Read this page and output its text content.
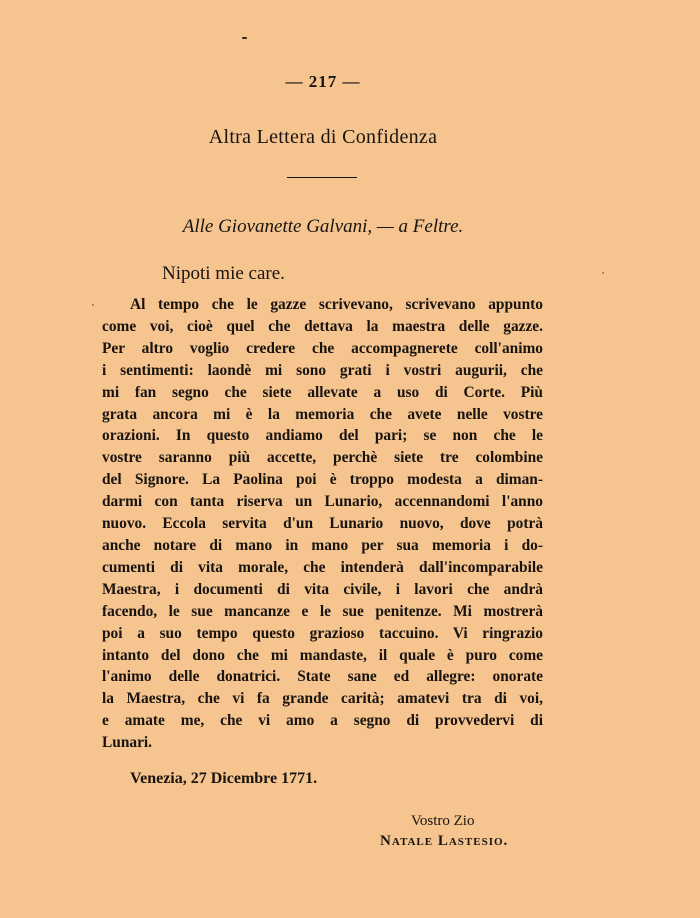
— 217 —
Altra Lettera di Confidenza
Alle Giovanette Galvani, — a Feltre.
Nipoti mie care.
Al tempo che le gazze scrivevano, scrivevano appunto
come voi, cioè quel che dettava la maestra delle gazze.
Per altro voglio credere che accompagnerete coll'animo
i sentimenti: laondè mi sono grati i vostri augurii, che
mi fan segno che siete allevate a uso di Corte. Più
grata ancora mi è la memoria che avete nelle vostre
orazioni. In questo andiamo del pari; se non che le
vostre saranno più accette, perchè siete tre colombine
del Signore. La Paolina poi è troppo modesta a diman-
darmi con tanta riserva un Lunario, accennandomi l'anno
nuovo. Eccola servita d'un Lunario nuovo, dove potrà
anche notare di mano in mano per sua memoria i do-
cumenti di vita morale, che intenderà dall'incomparabile
Maestra, i documenti di vita civile, i lavori che andrà
facendo, le sue mancanze e le sue penitenze. Mi mostrerà
poi a suo tempo questo grazioso taccuino. Vi ringrazio
intanto del dono che mi mandaste, il quale è puro come
l'animo delle donatrici. State sane ed allegre: onorate
la Maestra, che vi fa grande carità; amatevi tra di voi,
e amate me, che vi amo a segno di provvedervi di
Lunari.
Venezia, 27 Dicembre 1771.
Vostro Zio
Natale Lastesio.
